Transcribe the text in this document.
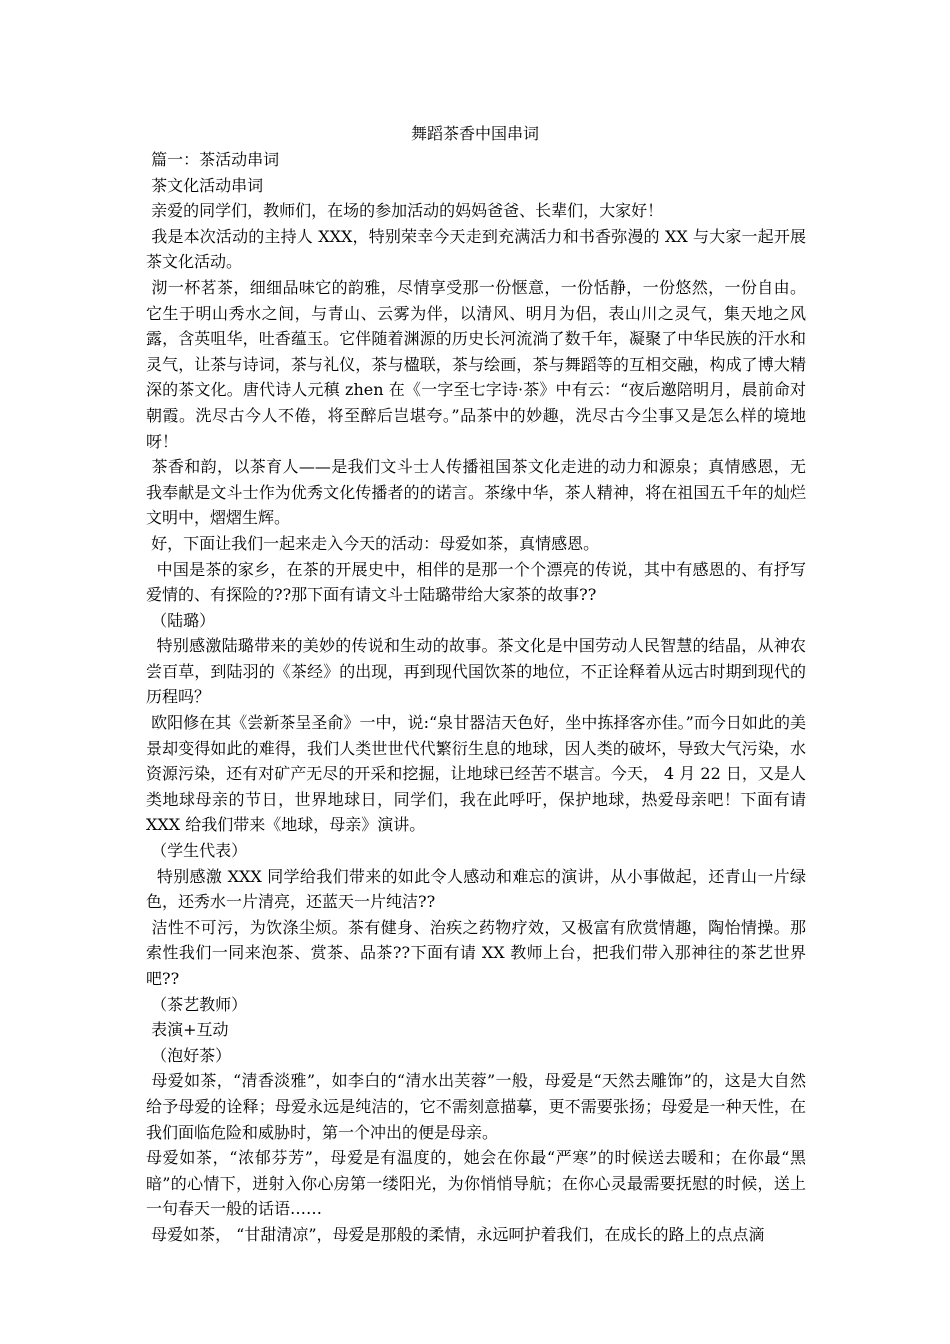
舞蹈茶香中国串词

篇一：茶活动串词

茶文化活动串词

亲爱的同学们，教师们，在场的参加活动的妈妈爸爸、长辈们，大家好！

我是本次活动的主持人 XXX，特别荣幸今天走到充满活力和书香弥漫的 XX 与大家一起开展茶文化活动。

沏一杯茗茶，细细品味它的韵雅，尽情享受那一份惬意，一份恬静，一份悠然，一份自由。它生于明山秀水之间，与青山、云雾为伴，以清风、明月为侣，表山川之灵气，集天地之风露，含英咀华，吐香蕴玉。它伴随着渊源的历史长河流淌了数千年，凝聚了中华民族的汗水和灵气，让茶与诗词，茶与礼仪，茶与楹联，茶与绘画，茶与舞蹈等的互相交融，构成了博大精深的茶文化。唐代诗人元稹 zhen 在《一字至七字诗·茶》中有云：“夜后邀陪明月，晨前命对朝霞。洗尽古今人不倦，将至醉后岂堪夸。”品茶中的妙趣，洗尽古今尘事又是怎么样的境地呀！

茶香和韵，以茶育人——是我们文斗士人传播祖国茶文化走进的动力和源泉；真情感恩，无我奉献是文斗士作为优秀文化传播者的的诺言。茶缘中华，茶人精神，将在祖国五千年的灿烂文明中，熠熠生辉。

好，下面让我们一起来走入今天的活动：母爱如茶，真情感恩。

中国是茶的家乡，在茶的开展史中，相伴的是那一个个漂亮的传说，其中有感恩的、有抒写爱情的、有探险的??那下面有请文斗士陆璐带给大家茶的故事??

（陆璐）

特别感激陆璐带来的美妙的传说和生动的故事。茶文化是中国劳动人民智慧的结晶，从神农尝百草，到陆羽的《茶经》的出现，再到现代国饮茶的地位，不正诠释着从远古时期到现代的历程吗？

欧阳修在其《尝新茶呈圣俞》一中，说:“泉甘器洁天色好，坐中拣择客亦佳。”而今日如此的美景却变得如此的难得，我们人类世世代代繁衍生息的地球，因人类的破坏，导致大气污染，水资源污染，还有对矿产无尽的开采和挖掘，让地球已经苦不堪言。今天， 4 月 22 日，又是人类地球母亲的节日，世界地球日，同学们，我在此呼吁，保护地球，热爱母亲吧！下面有请 XXX 给我们带来《地球，母亲》演讲。

（学生代表）

特别感激 XXX 同学给我们带来的如此令人感动和难忘的演讲，从小事做起，还青山一片绿色，还秀水一片清亮，还蓝天一片纯洁??

洁性不可污，为饮涤尘烦。茶有健身、治疾之药物疗效，又极富有欣赏情趣，陶怡情操。那索性我们一同来泡茶、赏茶、品茶??下面有请 XX 教师上台，把我们带入那神往的茶艺世界吧??

（茶艺教师）

表演+互动

（泡好茶）

母爱如茶，“清香淡雅”，如李白的“清水出芙蓉”一般，母爱是“天然去雕饰”的，这是大自然给予母爱的诠释；母爱永远是纯洁的，它不需刻意描摹，更不需要张扬；母爱是一种天性，在我们面临危险和威胁时，第一个冲出的便是母亲。

母爱如茶，“浓郁芬芳”，母爱是有温度的，她会在你最“严寒”的时候送去暖和；在你最“黑暗”的心情下，迸射入你心房第一缕阳光，为你悄悄导航；在你心灵最需要抚慰的时候，送上一句春天一般的话语……

母爱如茶， “甘甜清凉”，母爱是那般的柔情，永远呵护着我们，在成长的路上的点点滴
